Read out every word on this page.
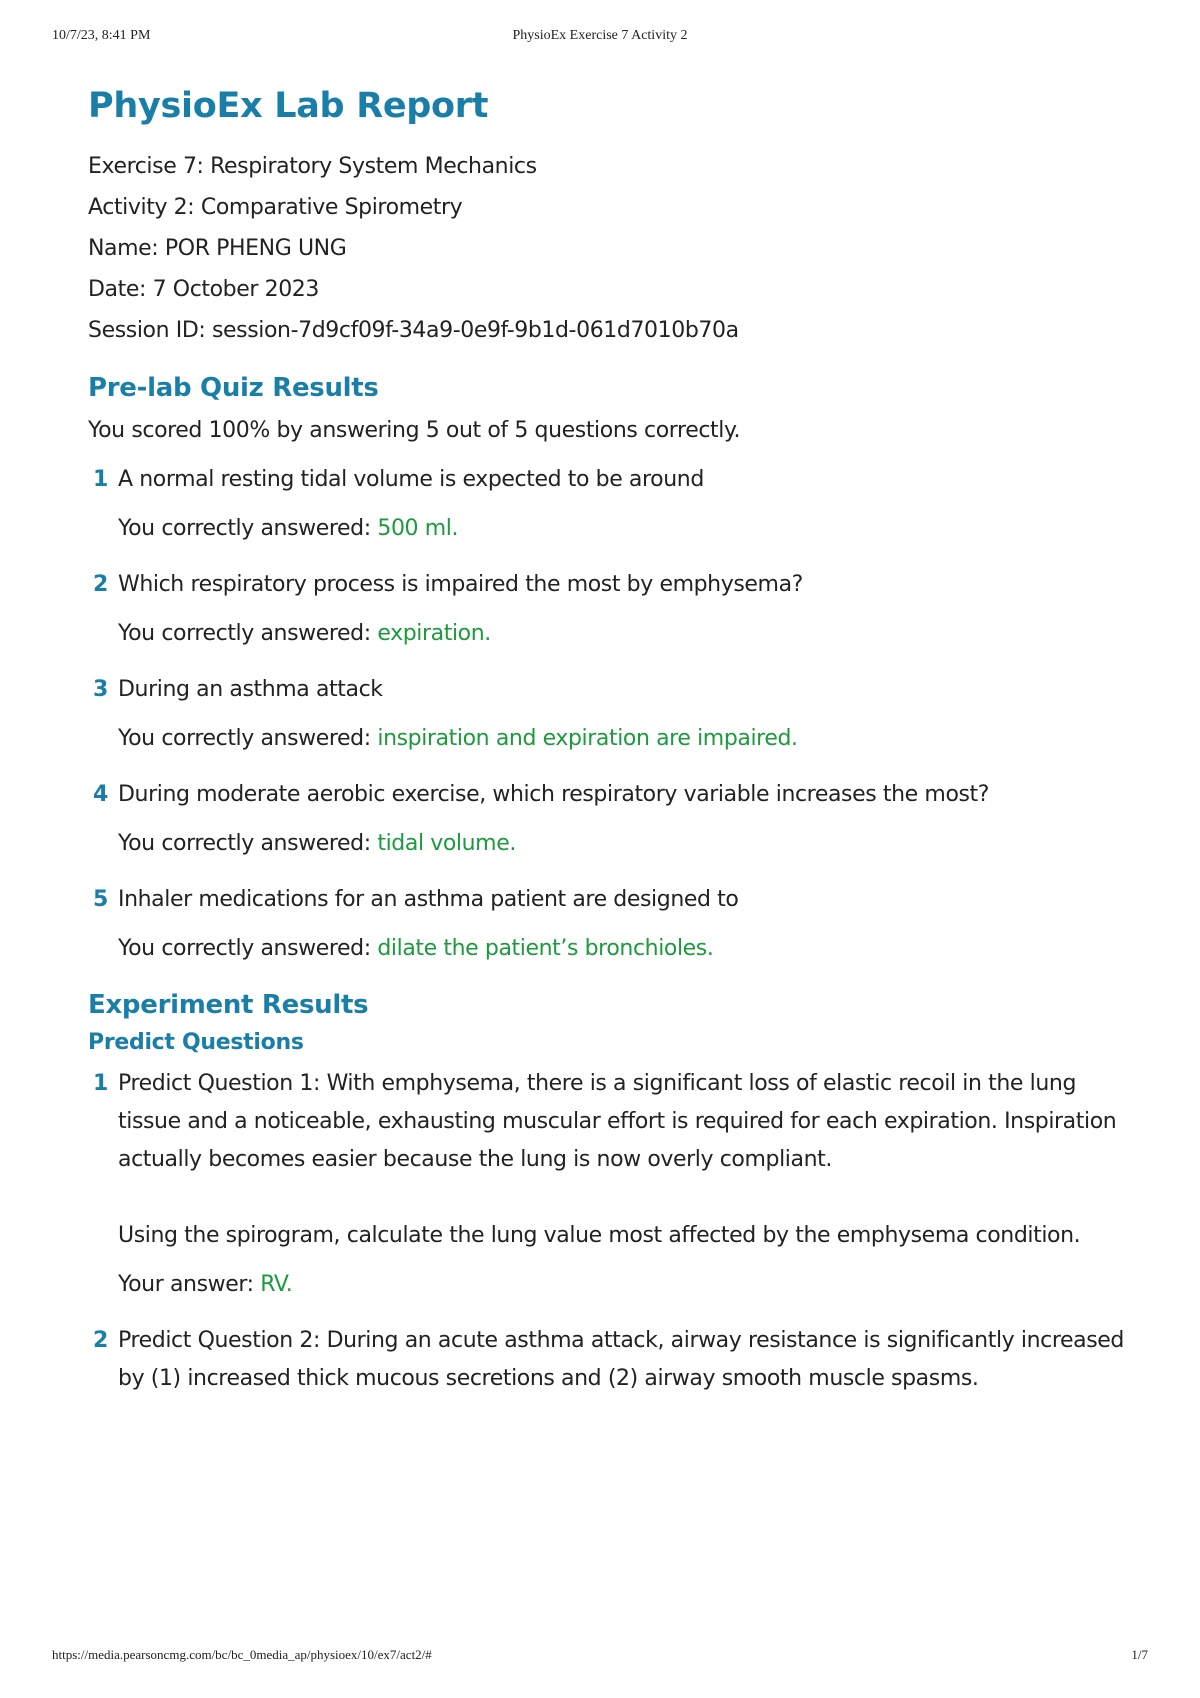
10/7/23, 8:41 PM	PhysioEx Exercise 7 Activity 2
PhysioEx Lab Report
Exercise 7: Respiratory System Mechanics
Activity 2: Comparative Spirometry
Name: POR PHENG UNG
Date: 7 October 2023
Session ID: session-7d9cf09f-34a9-0e9f-9b1d-061d7010b70a
Pre-lab Quiz Results
You scored 100% by answering 5 out of 5 questions correctly.
1 A normal resting tidal volume is expected to be around
You correctly answered: 500 ml.
2 Which respiratory process is impaired the most by emphysema?
You correctly answered: expiration.
3 During an asthma attack
You correctly answered: inspiration and expiration are impaired.
4 During moderate aerobic exercise, which respiratory variable increases the most?
You correctly answered: tidal volume.
5 Inhaler medications for an asthma patient are designed to
You correctly answered: dilate the patient’s bronchioles.
Experiment Results
Predict Questions
1 Predict Question 1: With emphysema, there is a significant loss of elastic recoil in the lung tissue and a noticeable, exhausting muscular effort is required for each expiration. Inspiration actually becomes easier because the lung is now overly compliant.
Using the spirogram, calculate the lung value most affected by the emphysema condition.
Your answer: RV.
2 Predict Question 2: During an acute asthma attack, airway resistance is significantly increased by (1) increased thick mucous secretions and (2) airway smooth muscle spasms.
https://media.pearsoncmg.com/bc/bc_0media_ap/physioex/10/ex7/act2/#	1/7
